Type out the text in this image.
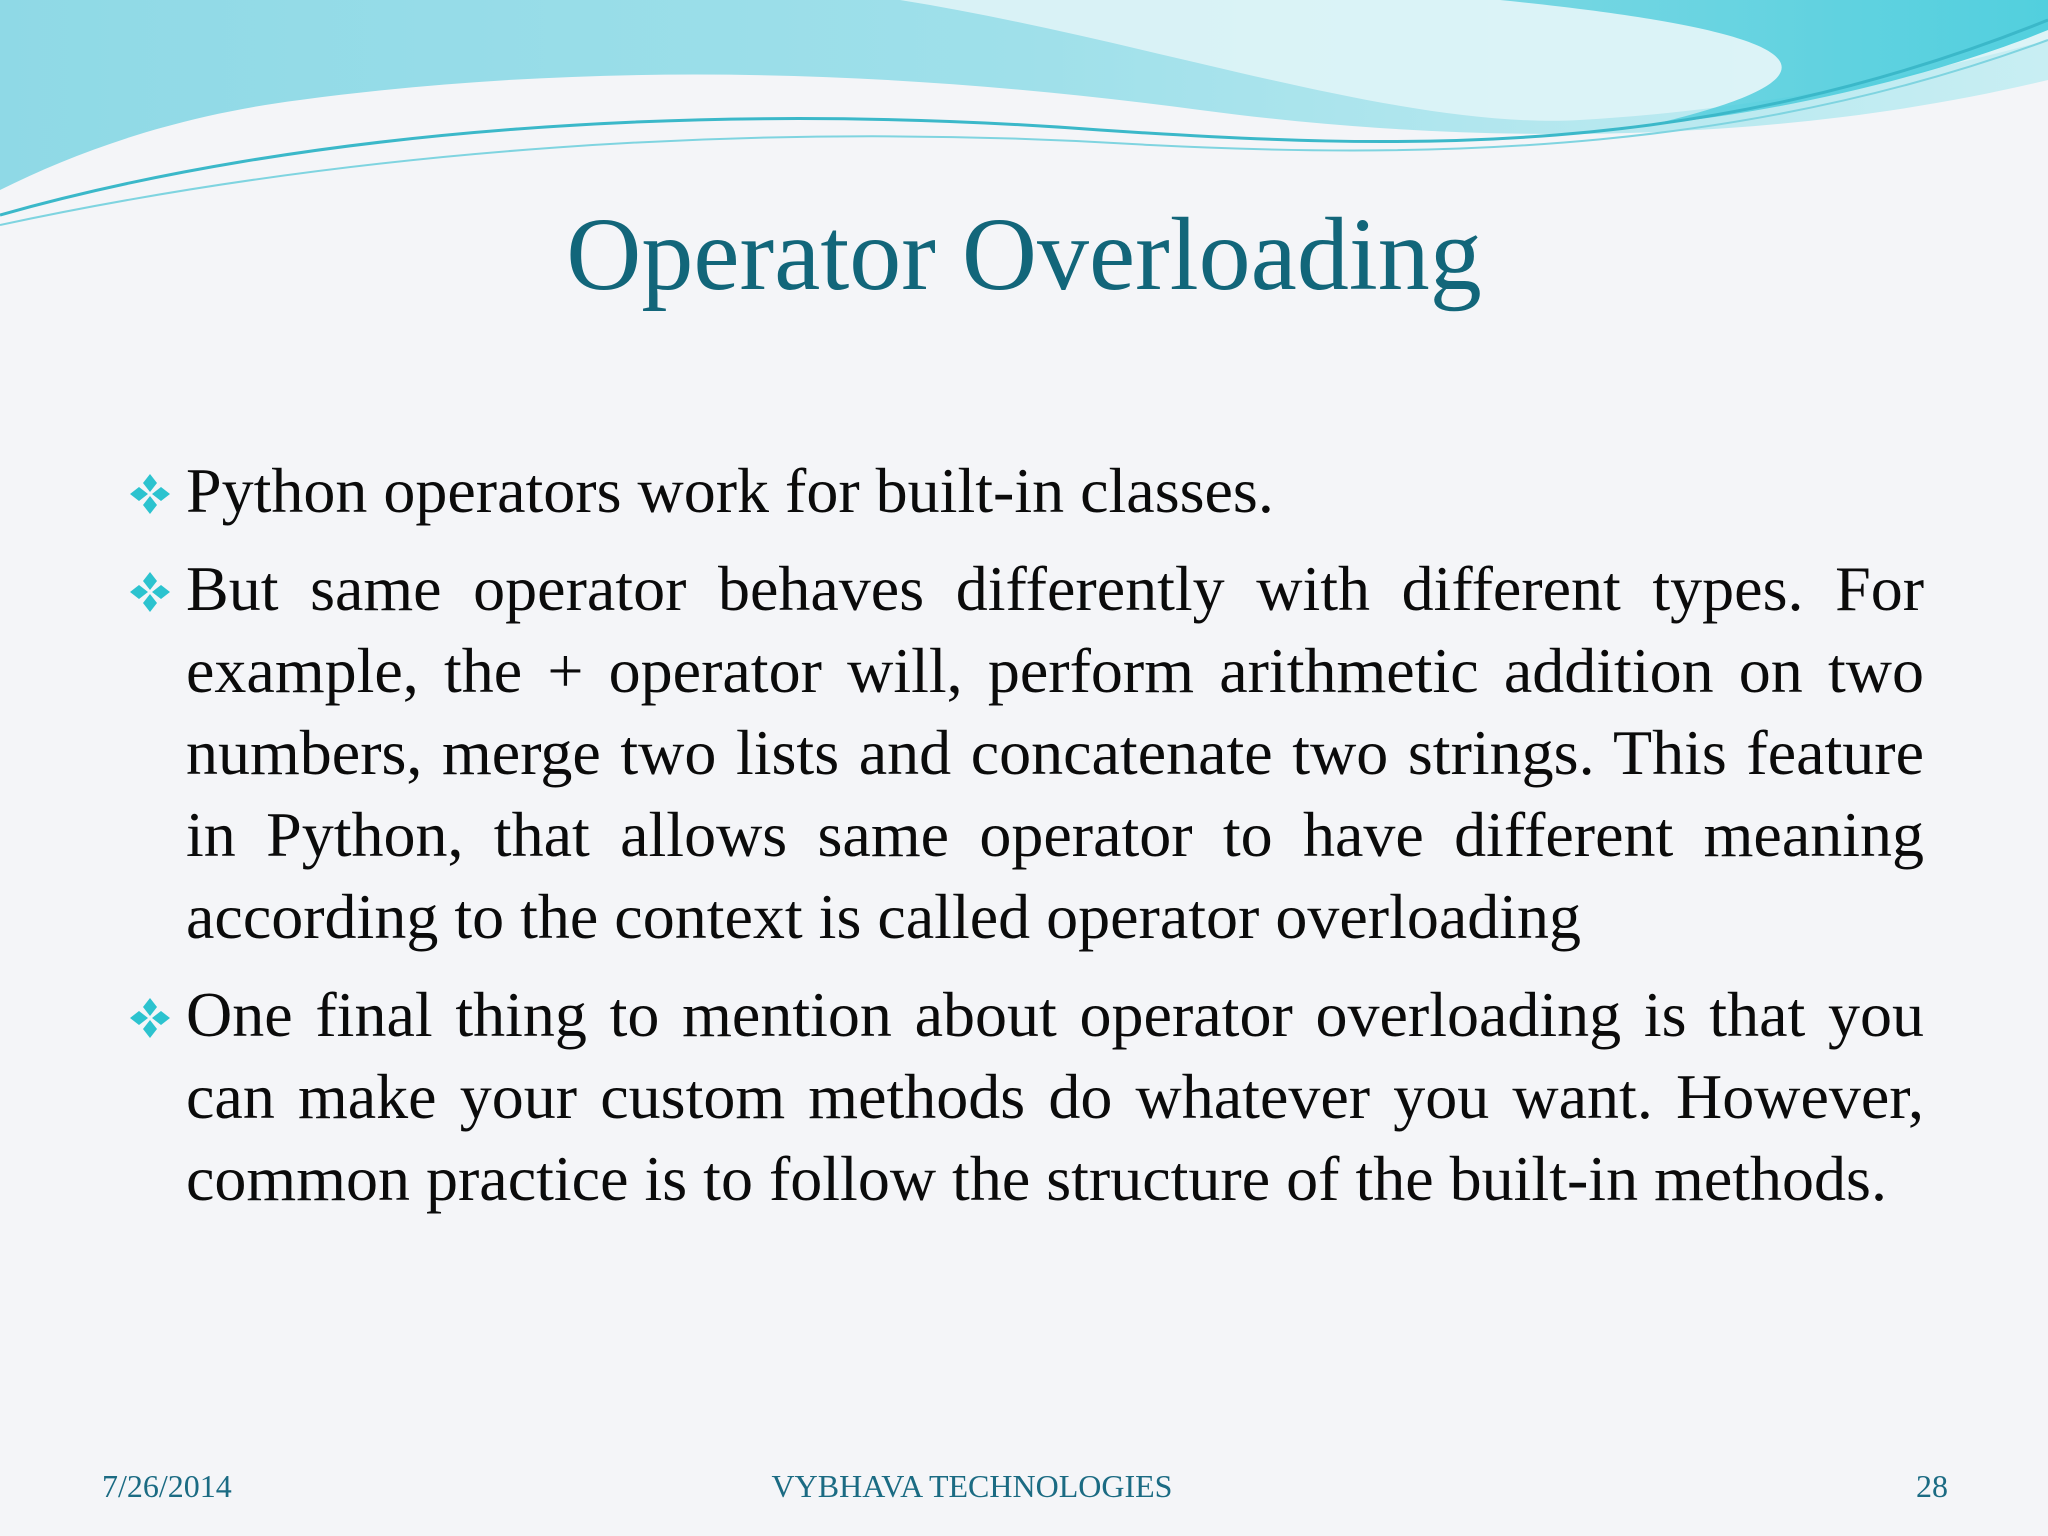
Operator Overloading
Python operators work for built-in classes.
But same operator behaves differently with different types. For example, the + operator will, perform arithmetic addition on two numbers, merge two lists and concatenate two strings. This feature in Python, that allows same operator to have different meaning according to the context is called operator overloading
One final thing to mention about operator overloading is that you can make your custom methods do whatever you want. However, common practice is to follow the structure of the built-in methods.
7/26/2014	VYBHAVA TECHNOLOGIES	28
